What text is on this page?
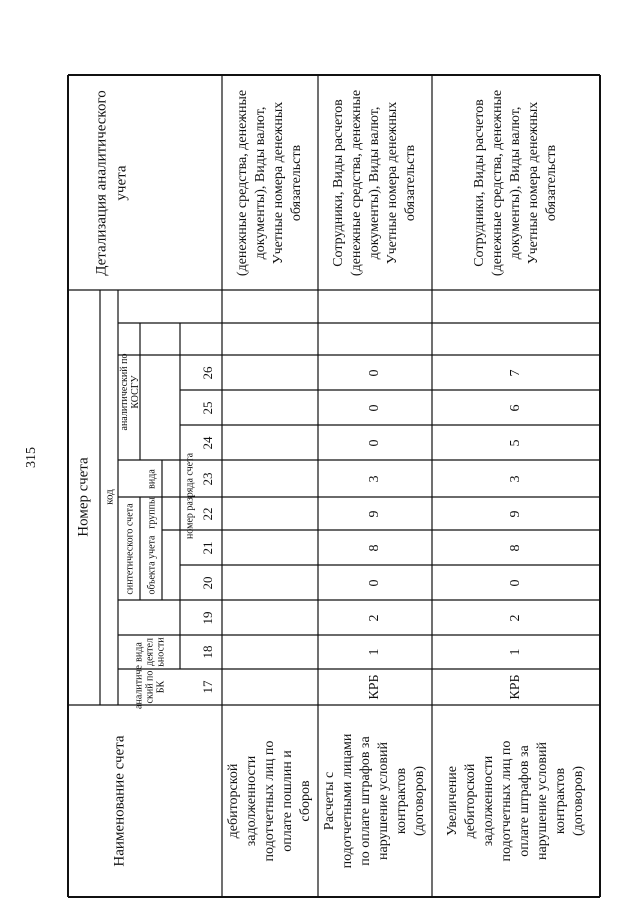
315
Наименование счета
Номер счета код
аналитиче ский по БК
вида деятел ьности
синтетического счета объекта учета
группы
вида
аналитический по КОСГУ
номер разряда счета
Детализация аналитического учета
17
18
19
20
21
22
23
24
25
26
дебиторской задолженности подотчетных лиц по оплате пошлин и сборов
(денежные средства, денежные документы), Виды валют, Учетные номера денежных обязательств
Расчеты с подотчетными лицами по оплате штрафов за нарушение условий контрактов (договоров)
КРБ
1
2
0
8
9
3
0
0
0
Сотрудники, Виды расчетов (денежные средства, денежные документы), Виды валют, Учетные номера денежных обязательств
Увеличение дебиторской задолженности подотчетных лиц по оплате штрафов за нарушение условий контрактов (договоров)
КРБ
1
2
0
8
9
3
5
6
7
Сотрудники, Виды расчетов (денежные средства, денежные документы), Виды валют, Учетные номера денежных обязательств
